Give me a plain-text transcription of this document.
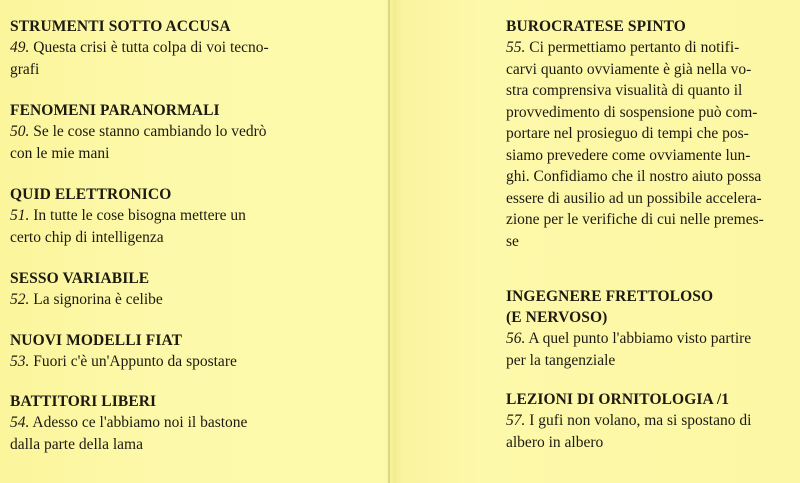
STRUMENTI SOTTO ACCUSA

49. Questa crisi è tutta colpa di voi tecno-
grafi

FENOMENI PARANORMALI

50. Se le cose stanno cambiando lo vedrò
con le mie mani

QUID ELETTRONICO

51. In tutte le cose bisogna mettere un
certo chip di intelligenza

SESSO VARIABILE

52. La signorina è celibe

NUOVI MODELLI FIAT

53. Fuori c'è un'Appunto da spostare

BATTITORI LIBERI

54. Adesso ce l'abbiamo noi il bastone
dalla parte della lama

BUROCRATESE SPINTO

55. Ci permettiamo pertanto di notifi-
carvi quanto ovviamente è già nella vo-
stra comprensiva visualità di quanto il
provvedimento di sospensione può com-
portare nel prosieguo di tempi che pos-
siamo prevedere come ovviamente lun-
ghi. Confidiamo che il nostro aiuto possa
essere di ausilio ad un possibile accelera-
zione per le verifiche di cui nelle premes-
se

INGEGNERE FRETTOLOSO
(E NERVOSO)

56. A quel punto l'abbiamo visto partire
per la tangenziale

LEZIONI DI ORNITOLOGIA /1

57. I gufi non volano, ma si spostano di
albero in albero
